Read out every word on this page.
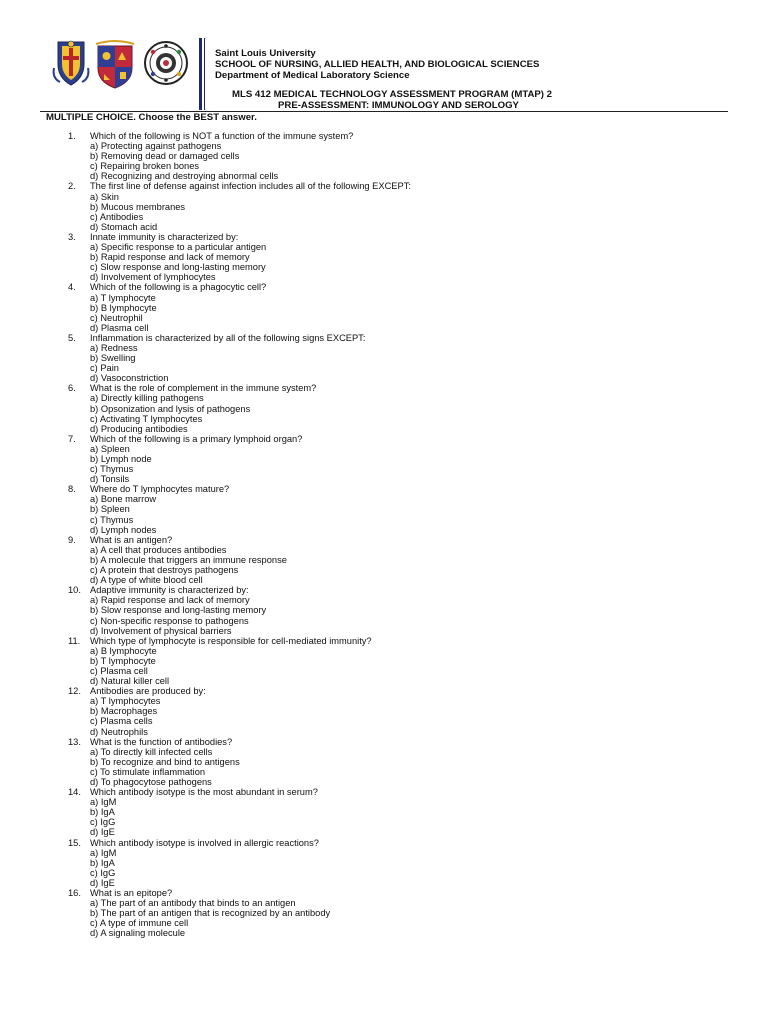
Saint Louis University
SCHOOL OF NURSING, ALLIED HEALTH, AND BIOLOGICAL SCIENCES
Department of Medical Laboratory Science
MLS 412 MEDICAL TECHNOLOGY ASSESSMENT PROGRAM (MTAP) 2
PRE-ASSESSMENT: IMMUNOLOGY AND SEROLOGY
MULTIPLE CHOICE. Choose the BEST answer.
1.	Which of the following is NOT a function of the immune system?
a) Protecting against pathogens
b) Removing dead or damaged cells
c) Repairing broken bones
d) Recognizing and destroying abnormal cells
2.	The first line of defense against infection includes all of the following EXCEPT:
a) Skin
b) Mucous membranes
c) Antibodies
d) Stomach acid
3.	Innate immunity is characterized by:
a) Specific response to a particular antigen
b) Rapid response and lack of memory
c) Slow response and long-lasting memory
d) Involvement of lymphocytes
4.	Which of the following is a phagocytic cell?
a) T lymphocyte
b) B lymphocyte
c) Neutrophil
d) Plasma cell
5.	Inflammation is characterized by all of the following signs EXCEPT:
a) Redness
b) Swelling
c) Pain
d) Vasoconstriction
6.	What is the role of complement in the immune system?
a) Directly killing pathogens
b) Opsonization and lysis of pathogens
c) Activating T lymphocytes
d) Producing antibodies
7.	Which of the following is a primary lymphoid organ?
a) Spleen
b) Lymph node
c) Thymus
d) Tonsils
8.	Where do T lymphocytes mature?
a) Bone marrow
b) Spleen
c) Thymus
d) Lymph nodes
9.	What is an antigen?
a) A cell that produces antibodies
b) A molecule that triggers an immune response
c) A protein that destroys pathogens
d) A type of white blood cell
10. Adaptive immunity is characterized by:
a) Rapid response and lack of memory
b) Slow response and long-lasting memory
c) Non-specific response to pathogens
d) Involvement of physical barriers
11.	Which type of lymphocyte is responsible for cell-mediated immunity?
a) B lymphocyte
b) T lymphocyte
c) Plasma cell
d) Natural killer cell
12. Antibodies are produced by:
a) T lymphocytes
b) Macrophages
c) Plasma cells
d) Neutrophils
13. What is the function of antibodies?
a) To directly kill infected cells
b) To recognize and bind to antigens
c) To stimulate inflammation
d) To phagocytose pathogens
14. Which antibody isotype is the most abundant in serum?
a) IgM
b) IgA
c) IgG
d) IgE
15. Which antibody isotype is involved in allergic reactions?
a) IgM
b) IgA
c) IgG
d) IgE
16. What is an epitope?
a) The part of an antibody that binds to an antigen
b) The part of an antigen that is recognized by an antibody
c) A type of immune cell
d) A signaling molecule
